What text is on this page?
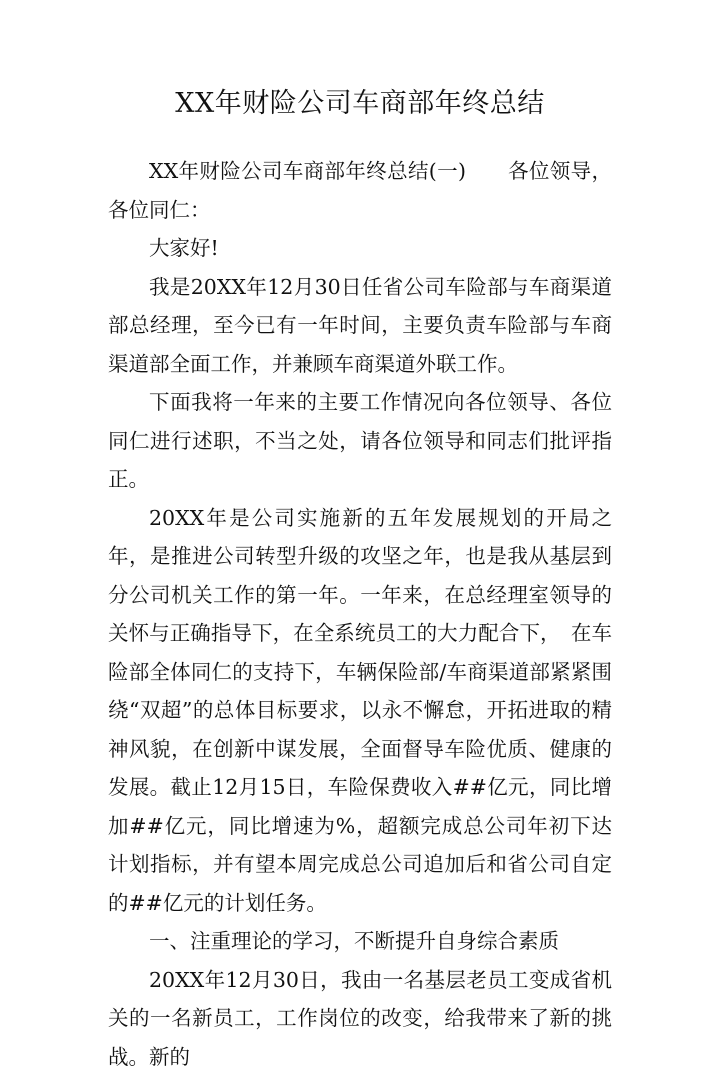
XX年财险公司车商部年终总结

XX年财险公司车商部年终总结(一)　　各位领导，各位同仁：

大家好!

我是20XX年12月30日任省公司车险部与车商渠道部总经理，至今已有一年时间，主要负责车险部与车商渠道部全面工作，并兼顾车商渠道外联工作。

下面我将一年来的主要工作情况向各位领导、各位同仁进行述职，不当之处，请各位领导和同志们批评指正。

20XX年是公司实施新的五年发展规划的开局之年，是推进公司转型升级的攻坚之年，也是我从基层到分公司机关工作的第一年。一年来，在总经理室领导的关怀与正确指导下，在全系统员工的大力配合下，　在车险部全体同仁的支持下，车辆保险部/车商渠道部紧紧围绕“双超”的总体目标要求，以永不懈怠，开拓进取的精神风貌，在创新中谋发展，全面督导车险优质、健康的发展。截止12月15日，车险保费收入##亿元，同比增加##亿元，同比增速为%，超额完成总公司年初下达计划指标，并有望本周完成总公司追加后和省公司自定的##亿元的计划任务。

一、注重理论的学习，不断提升自身综合素质

20XX年12月30日，我由一名基层老员工变成省机关的一名新员工，工作岗位的改变，给我带来了新的挑战。新的
